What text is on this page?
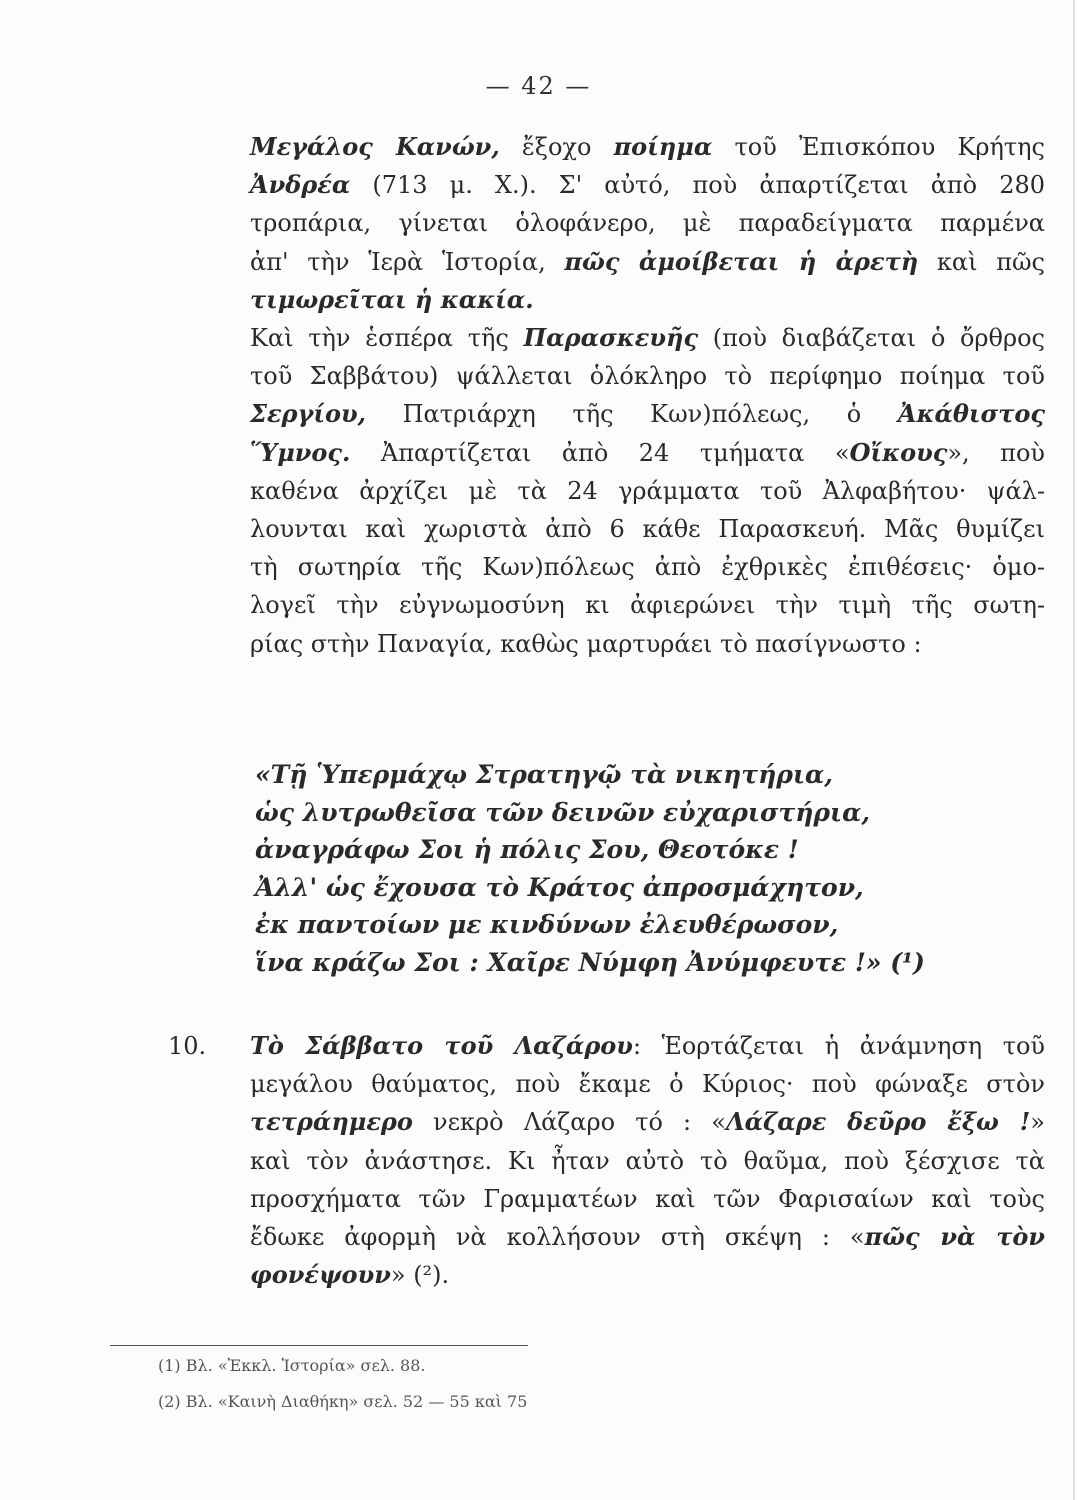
— 42 —
Μεγάλος Κανών, ἔξοχο ποίημα τοῦ Ἐπισκόπου Κρήτης
Ἀνδρέα (713 μ. Χ.). Σ' αὐτό, ποὺ ἀπαρτίζεται ἀπὸ 280
τροπάρια, γίνεται ὁλοφάνερο, μὲ παραδείγματα παρμένα
ἀπ' τὴν Ἱερὰ Ἱστορία, πῶς ἀμοίβεται ἡ ἀρετὴ καὶ πῶς
τιμωρεῖται ἡ κακία.
Καὶ τὴν ἑσπέρα τῆς Παρασκευῆς (ποὺ διαβάζεται ὁ ὄρθρος
τοῦ Σαββάτου) ψάλλεται ὁλόκληρο τὸ περίφημο ποίημα τοῦ
Σεργίου, Πατριάρχη τῆς Κων)πόλεως, ὁ Ἀκάθιστος
Ὕμνος. Ἀπαρτίζεται ἀπὸ 24 τμήματα «Οἴκους», ποὺ
καθένα ἀρχίζει μὲ τὰ 24 γράμματα τοῦ Ἀλφαβήτου· ψάλ-
λουνται καὶ χωριστὰ ἀπὸ 6 κάθε Παρασκευή. Μᾶς θυμίζει
τὴ σωτηρία τῆς Κων)πόλεως ἀπὸ ἐχθρικὲς ἐπιθέσεις· ὁμο-
λογεῖ τὴν εὐγνωμοσύνη κι ἀφιερώνει τὴν τιμὴ τῆς σωτη-
ρίας στὴν Παναγία, καθὼς μαρτυράει τὸ πασίγνωστο :
«Τῇ Ὑπερμάχῳ Στρατηγῷ τὰ νικητήρια,
ὡς λυτρωθεῖσα τῶν δεινῶν εὐχαριστήρια,
ἀναγράφω Σοι ἡ πόλις Σου, Θεοτόκε !
Ἀλλ' ὡς ἔχουσα τὸ Κράτος ἀπροσμάχητον,
ἐκ παντοίων με κινδύνων ἐλευθέρωσον,
ἵνα κράζω Σοι : Χαῖρε Νύμφη Ἀνύμφευτε !» (¹)
10. Τὸ Σάββατο τοῦ Λαζάρου: Ἑορτάζεται ἡ ἀνάμνηση τοῦ
μεγάλου θαύματος, ποὺ ἔκαμε ὁ Κύριος· ποὺ φώναξε στὸν
τετράημερο νεκρὸ Λάζαρο τό : «Λάζαρε δεῦρο ἔξω !»
καὶ τὸν ἀνάστησε. Κι ἦταν αὐτὸ τὸ θαῦμα, ποὺ ξέσχισε τὰ
προσχήματα τῶν Γραμματέων καὶ τῶν Φαρισαίων καὶ τοὺς
ἔδωκε ἀφορμὴ νὰ κολλήσουν στὴ σκέψη : «πῶς νὰ τὸν
φονέψουν» (²).
(1) Βλ. «Ἐκκλ. Ἱστορία» σελ. 88.
(2) Βλ. «Καινὴ Διαθήκη» σελ. 52 — 55 καὶ 75
